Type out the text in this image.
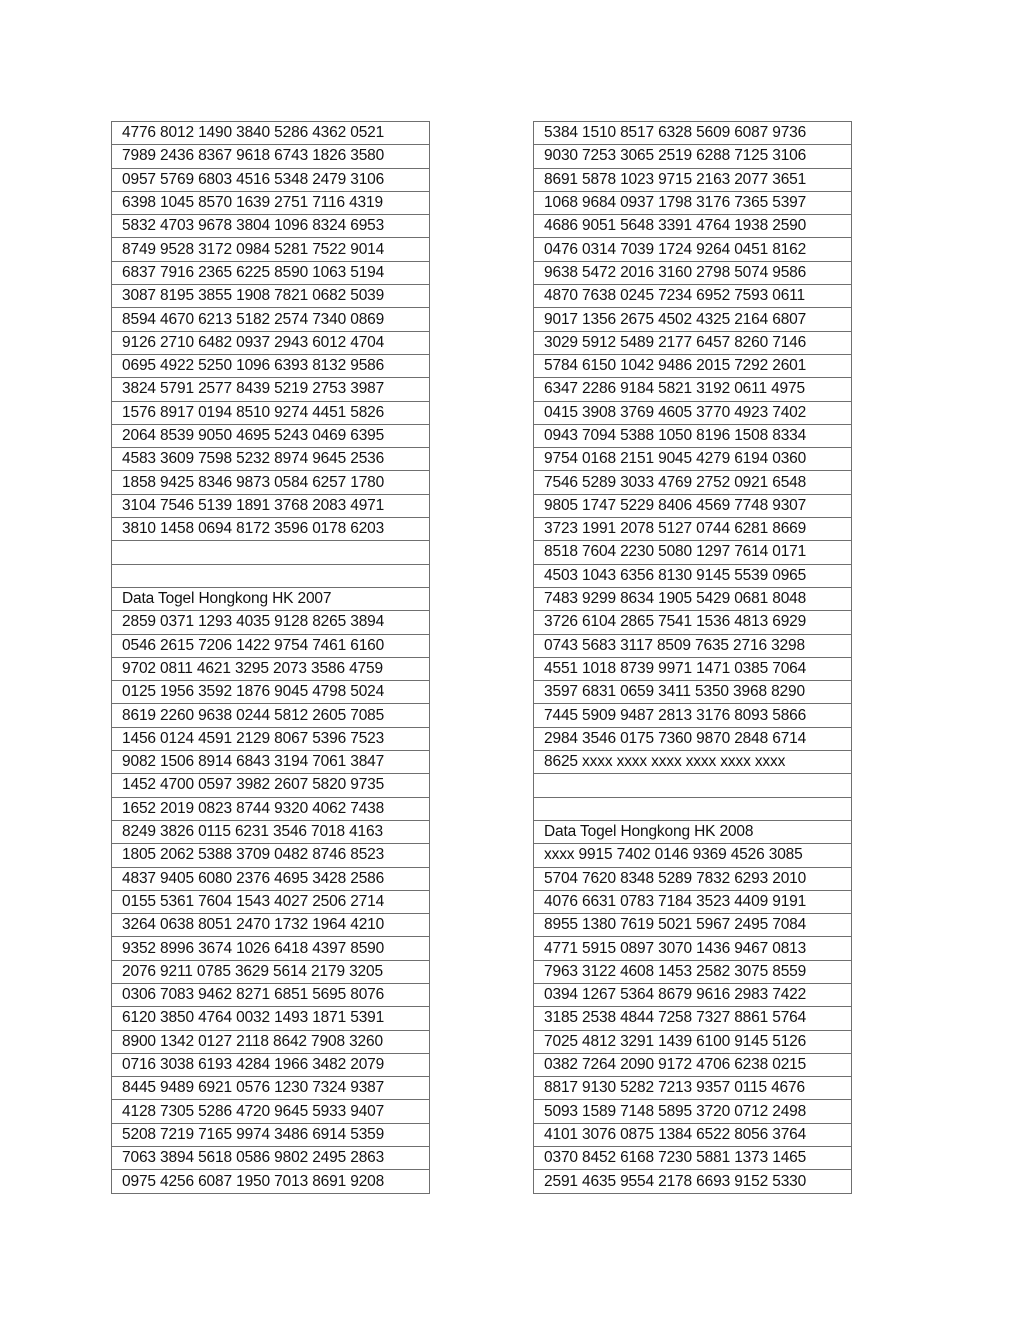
4776 8012 1490 3840 5286 4362 0521
7989 2436 8367 9618 6743 1826 3580
0957 5769 6803 4516 5348 2479 3106
6398 1045 8570 1639 2751 7116 4319
5832 4703 9678 3804 1096 8324 6953
8749 9528 3172 0984 5281 7522 9014
6837 7916 2365 6225 8590 1063 5194
3087 8195 3855 1908 7821 0682 5039
8594 4670 6213 5182 2574 7340 0869
9126 2710 6482 0937 2943 6012 4704
0695 4922 5250 1096 6393 8132 9586
3824 5791 2577 8439 5219 2753 3987
1576 8917 0194 8510 9274 4451 5826
2064 8539 9050 4695 5243 0469 6395
4583 3609 7598 5232 8974 9645 2536
1858 9425 8346 9873 0584 6257 1780
3104 7546 5139 1891 3768 2083 4971
3810 1458 0694 8172 3596 0178 6203

Data Togel Hongkong HK 2007
2859 0371 1293 4035 9128 8265 3894
0546 2615 7206 1422 9754 7461 6160
9702 0811 4621 3295 2073 3586 4759
0125 1956 3592 1876 9045 4798 5024
8619 2260 9638 0244 5812 2605 7085
1456 0124 4591 2129 8067 5396 7523
9082 1506 8914 6843 3194 7061 3847
1452 4700 0597 3982 2607 5820 9735
1652 2019 0823 8744 9320 4062 7438
8249 3826 0115 6231 3546 7018 4163
1805 2062 5388 3709 0482 8746 8523
4837 9405 6080 2376 4695 3428 2586
0155 5361 7604 1543 4027 2506 2714
3264 0638 8051 2470 1732 1964 4210
9352 8996 3674 1026 6418 4397 8590
2076 9211 0785 3629 5614 2179 3205
0306 7083 9462 8271 6851 5695 8076
6120 3850 4764 0032 1493 1871 5391
8900 1342 0127 2118 8642 7908 3260
0716 3038 6193 4284 1966 3482 2079
8445 9489 6921 0576 1230 7324 9387
4128 7305 5286 4720 9645 5933 9407
5208 7219 7165 9974 3486 6914 5359
7063 3894 5618 0586 9802 2495 2863
0975 4256 6087 1950 7013 8691 9208
5384 1510 8517 6328 5609 6087 9736
9030 7253 3065 2519 6288 7125 3106
8691 5878 1023 9715 2163 2077 3651
1068 9684 0937 1798 3176 7365 5397
4686 9051 5648 3391 4764 1938 2590
0476 0314 7039 1724 9264 0451 8162
9638 5472 2016 3160 2798 5074 9586
4870 7638 0245 7234 6952 7593 0611
9017 1356 2675 4502 4325 2164 6807
3029 5912 5489 2177 6457 8260 7146
5784 6150 1042 9486 2015 7292 2601
6347 2286 9184 5821 3192 0611 4975
0415 3908 3769 4605 3770 4923 7402
0943 7094 5388 1050 8196 1508 8334
9754 0168 2151 9045 4279 6194 0360
7546 5289 3033 4769 2752 0921 6548
9805 1747 5229 8406 4569 7748 9307
3723 1991 2078 5127 0744 6281 8669
8518 7604 2230 5080 1297 7614 0171
4503 1043 6356 8130 9145 5539 0965
7483 9299 8634 1905 5429 0681 8048
3726 6104 2865 7541 1536 4813 6929
0743 5683 3117 8509 7635 2716 3298
4551 1018 8739 9971 1471 0385 7064
3597 6831 0659 3411 5350 3968 8290
7445 5909 9487 2813 3176 8093 5866
2984 3546 0175 7360 9870 2848 6714
8625 xxxx xxxx xxxx xxxx xxxx xxxx

Data Togel Hongkong HK 2008
xxxx 9915 7402 0146 9369 4526 3085
5704 7620 8348 5289 7832 6293 2010
4076 6631 0783 7184 3523 4409 9191
8955 1380 7619 5021 5967 2495 7084
4771 5915 0897 3070 1436 9467 0813
7963 3122 4608 1453 2582 3075 8559
0394 1267 5364 8679 9616 2983 7422
3185 2538 4844 7258 7327 8861 5764
7025 4812 3291 1439 6100 9145 5126
0382 7264 2090 9172 4706 6238 0215
8817 9130 5282 7213 9357 0115 4676
5093 1589 7148 5895 3720 0712 2498
4101 3076 0875 1384 6522 8056 3764
0370 8452 6168 7230 5881 1373 1465
2591 4635 9554 2178 6693 9152 5330
